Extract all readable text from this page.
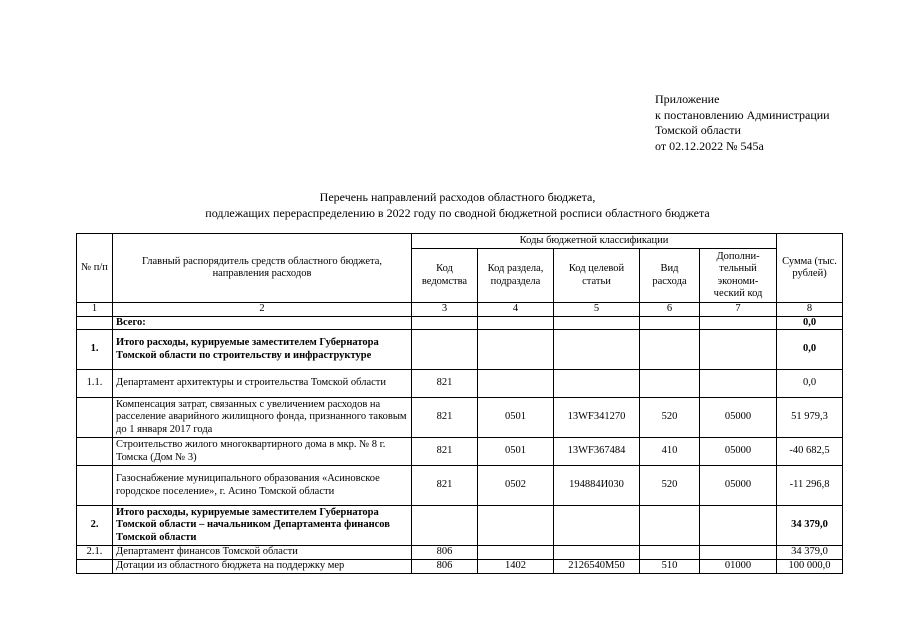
Приложение
к постановлению Администрации
Томской области
от 02.12.2022 № 545а
Перечень направлений расходов областного бюджета,
подлежащих перераспределению в 2022 году по сводной бюджетной росписи областного бюджета
№ п/п	Главный распорядитель средств областного бюджета, направления расходов	Коды бюджетной классификации					Сумма (тыс. рублей)
		Код ведомства	Код раздела, подраздела	Код целевой статьи	Вид расхода	Дополни-тельный экономи-ческий код	
1	2	3	4	5	6	7	8
	Всего:						0,0
1.	Итого расходы, курируемые заместителем Губернатора Томской области по строительству и инфраструктуре						0,0
1.1.	Департамент архитектуры и строительства Томской области	821					0,0
	Компенсация затрат, связанных с увеличением расходов на расселение аварийного жилищного фонда, признанного таковым до 1 января 2017 года	821	0501	13WF341270	520	05000	51 979,3
	Строительство жилого многоквартирного дома в мкр. № 8 г. Томска (Дом № 3)	821	0501	13WF367484	410	05000	-40 682,5
	Газоснабжение муниципального образования «Асиновское городское поселение», г. Асино Томской области	821	0502	194884И030	520	05000	-11 296,8
2.	Итого расходы, курируемые заместителем Губернатора Томской области – начальником Департамента финансов Томской области						34 379,0
2.1.	Департамент финансов Томской области	806					34 379,0
	Дотации из областного бюджета на поддержку мер	806	1402	2126540М50	510	01000	100 000,0
